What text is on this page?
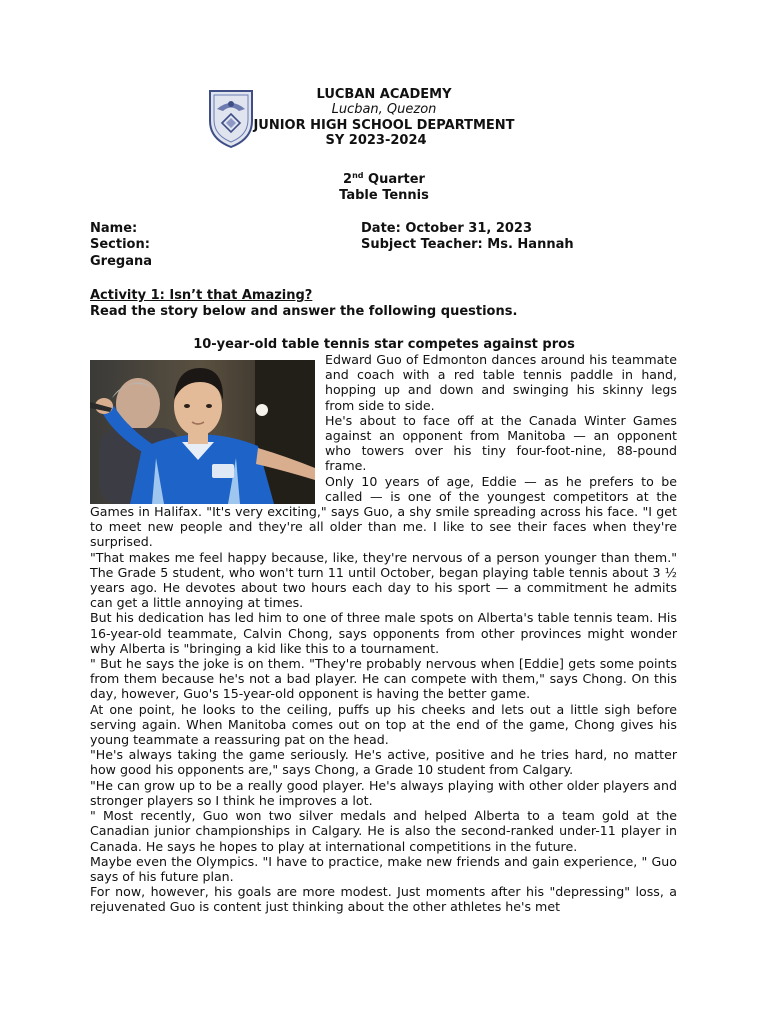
LUCBAN ACADEMY
Lucban, Quezon
JUNIOR HIGH SCHOOL DEPARTMENT
SY 2023-2024
2nd Quarter
Table Tennis
Name:	Date: October 31, 2023
Section:	Subject Teacher: Ms. Hannah
Gregana
Activity 1: Isn’t that Amazing?
Read the story below and answer the following questions.
10-year-old table tennis star competes against pros

Edward Guo of Edmonton dances around his teammate and coach with a red table tennis paddle in hand, hopping up and down and swinging his skinny legs from side to side.

He's about to face off at the Canada Winter Games against an opponent from Manitoba — an opponent who towers over his tiny four-foot-nine, 88-pound frame.

Only 10 years of age, Eddie — as he prefers to be called — is one of the youngest competitors at the Games in Halifax. "It's very exciting," says Guo, a shy smile spreading across his face. "I get to meet new people and they're all older than me. I like to see their faces when they're surprised.

"That makes me feel happy because, like, they're nervous of a person younger than them." The Grade 5 student, who won't turn 11 until October, began playing table tennis about 3 ½ years ago. He devotes about two hours each day to his sport — a commitment he admits can get a little annoying at times.

But his dedication has led him to one of three male spots on Alberta's table tennis team. His 16-year-old teammate, Calvin Chong, says opponents from other provinces might wonder why Alberta is "bringing a kid like this to a tournament.

" But he says the joke is on them. "They're probably nervous when [Eddie] gets some points from them because he's not a bad player. He can compete with them," says Chong. On this day, however, Guo's 15-year-old opponent is having the better game.

At one point, he looks to the ceiling, puffs up his cheeks and lets out a little sigh before serving again. When Manitoba comes out on top at the end of the game, Chong gives his young teammate a reassuring pat on the head.

"He's always taking the game seriously. He's active, positive and he tries hard, no matter how good his opponents are," says Chong, a Grade 10 student from Calgary.

"He can grow up to be a really good player. He's always playing with other older players and stronger players so I think he improves a lot.

" Most recently, Guo won two silver medals and helped Alberta to a team gold at the Canadian junior championships in Calgary. He is also the second-ranked under-11 player in Canada. He says he hopes to play at international competitions in the future.

Maybe even the Olympics. "I have to practice, make new friends and gain experience, " Guo says of his future plan.

For now, however, his goals are more modest. Just moments after his "depressing" loss, a rejuvenated Guo is content just thinking about the other athletes he's met
